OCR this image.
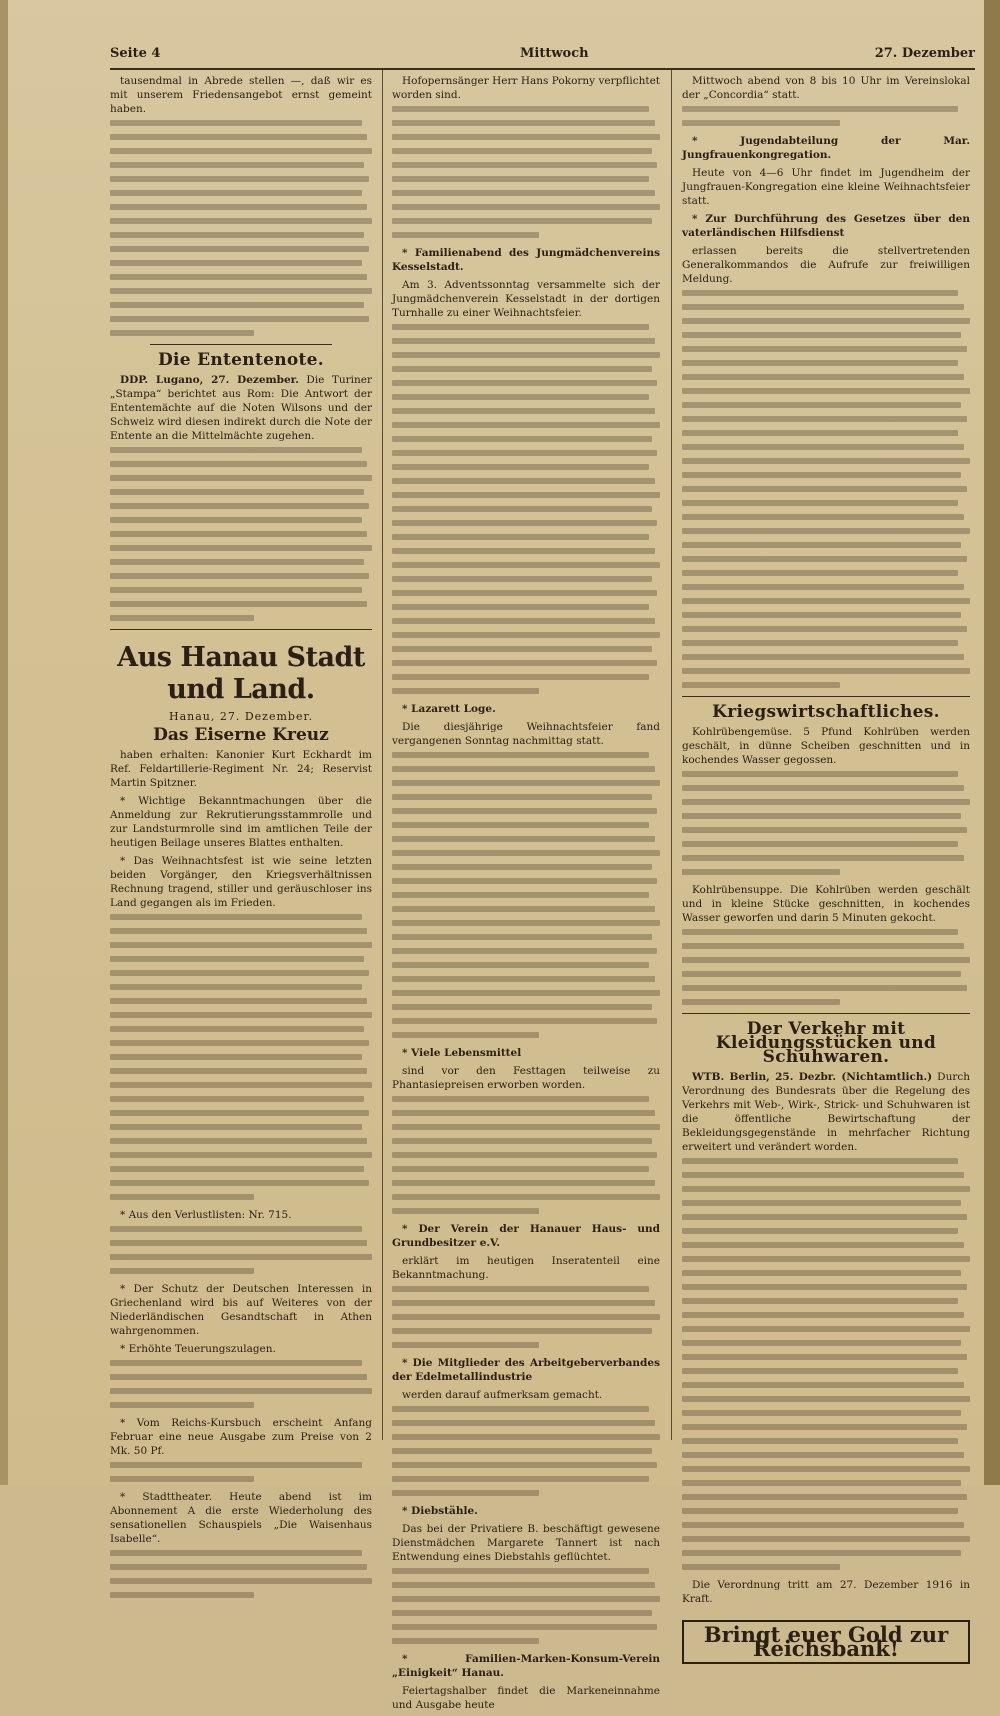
Seite 4	Mittwoch	27. Dezember

tausendmal in Abrede stellen —, daß wir es mit unserem Friedensangebot ernst gemeint haben.

Die Ententenote.

DDP. Lugano, 27. Dezember. Die Turiner „Stampa“ berichtet aus Rom: Die Antwort der Ententemächte auf die Noten Wilsons und der Schweiz wird diesen indirekt durch die Note der Entente an die Mittelmächte zugehen.

Aus Hanau Stadt und Land.
Hanau, 27. Dezember.
Das Eiserne Kreuz

haben erhalten: Kanonier Kurt Eckhardt im Ref. Feldartillerie-Regiment Nr. 24; Reservist Martin Spitzner.

* Wichtige Bekanntmachungen über die Anmeldung zur Rekrutierungsstammrolle und zur Landsturmrolle sind im amtlichen Teile der heutigen Beilage unseres Blattes enthalten.

* Das Weihnachtsfest ist wie seine letzten beiden Vorgänger, den Kriegsverhältnissen Rechnung tragend, stiller und geräuschloser ins Land gegangen als im Frieden.

* Aus den Verlustlisten: Nr. 715.

* Der Schutz der Deutschen Interessen in Griechenland wird bis auf Weiteres von der Niederländischen Gesandtschaft in Athen wahrgenommen.

* Erhöhte Teuerungszulagen.

* Vom Reichs-Kursbuch erscheint Anfang Februar eine neue Ausgabe zum Preise von 2 Mk. 50 Pf.

* Stadttheater. Heute abend ist im Abonnement A die erste Wiederholung des sensationellen Schauspiels „Die Waisenhaus Isabelle“.

Hofopernsänger Herr Hans Pokorny verpflichtet worden sind.

* Familienabend des Jungmädchenvereins Kesselstadt.

Am 3. Adventssonntag versammelte sich der Jungmädchenverein Kesselstadt in der dortigen Turnhalle zu einer Weihnachtsfeier.

* Lazarett Loge.

Die diesjährige Weihnachtsfeier fand vergangenen Sonntag nachmittag statt.

* Viele Lebensmittel

sind vor den Festtagen teilweise zu Phantasiepreisen erworben worden.

* Der Verein der Hanauer Haus- und Grundbesitzer e.V.

erklärt im heutigen Inseratenteil eine Bekanntmachung.

* Die Mitglieder des Arbeitgeberverbandes der Edelmetallindustrie

werden darauf aufmerksam gemacht.

* Diebstähle.

Das bei der Privatiere B. beschäftigt gewesene Dienstmädchen Margarete Tannert ist nach Entwendung eines Diebstahls geflüchtet.

* Familien-Marken-Konsum-Verein „Einigkeit“ Hanau.

Feiertagshalber findet die Markeneinnahme und Ausgabe heute

Mittwoch abend von 8 bis 10 Uhr im Vereinslokal der „Concordia“ statt.

* Jugendabteilung der Mar. Jungfrauenkongregation.

Heute von 4—6 Uhr findet im Jugendheim der Jungfrauen-Kongregation eine kleine Weihnachtsfeier statt.

* Zur Durchführung des Gesetzes über den vaterländischen Hilfsdienst

erlassen bereits die stellvertretenden Generalkommandos die Aufrufe zur freiwilligen Meldung.

Kriegswirtschaftliches.

Kohlrübengemüse. 5 Pfund Kohlrüben werden geschält, in dünne Scheiben geschnitten und in kochendes Wasser gegossen.

Kohlrübensuppe. Die Kohlrüben werden geschält und in kleine Stücke geschnitten, in kochendes Wasser geworfen und darin 5 Minuten gekocht.

Der Verkehr mit Kleidungsstücken und Schuhwaren.

WTB. Berlin, 25. Dezbr. (Nichtamtlich.) Durch Verordnung des Bundesrats über die Regelung des Verkehrs mit Web-, Wirk-, Strick- und Schuhwaren ist die öffentliche Bewirtschaftung der Bekleidungsgegenstände in mehrfacher Richtung erweitert und verändert worden.

Die Verordnung tritt am 27. Dezember 1916 in Kraft.

Bringt euer Gold zur Reichsbank!
